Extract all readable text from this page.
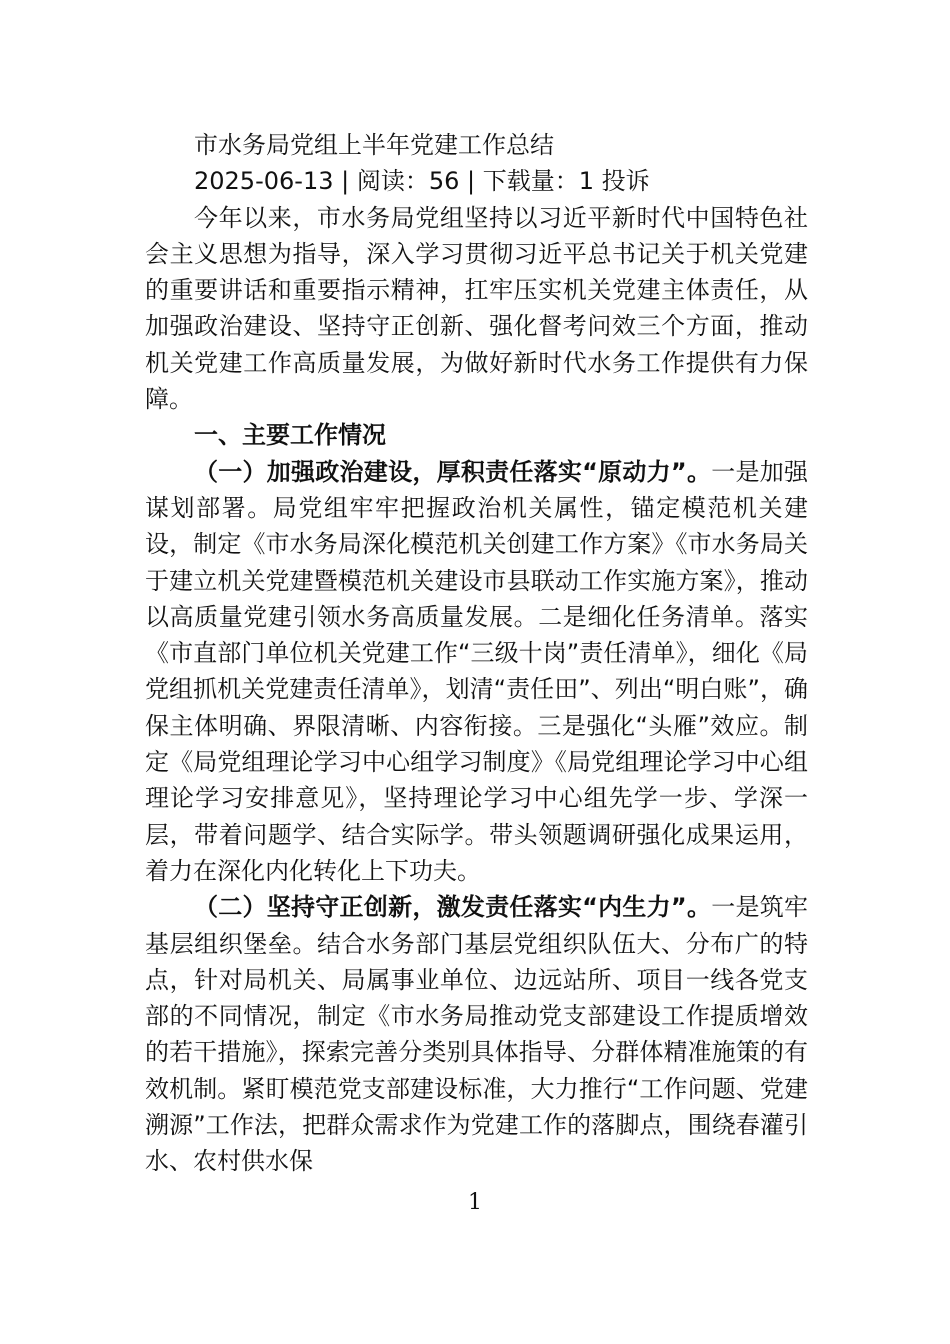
市水务局党组上半年党建工作总结
2025-06-13 | 阅读：56 | 下载量：1 投诉

今年以来，市水务局党组坚持以习近平新时代中国特色社会主义思想为指导，深入学习贯彻习近平总书记关于机关党建的重要讲话和重要指示精神，扛牢压实机关党建主体责任，从加强政治建设、坚持守正创新、强化督考问效三个方面，推动机关党建工作高质量发展，为做好新时代水务工作提供有力保障。

一、主要工作情况

（一）加强政治建设，厚积责任落实“原动力”。一是加强谋划部署。局党组牢牢把握政治机关属性，锚定模范机关建设，制定《市水务局深化模范机关创建工作方案》《市水务局关于建立机关党建暨模范机关建设市县联动工作实施方案》，推动以高质量党建引领水务高质量发展。二是细化任务清单。落实《市直部门单位机关党建工作“三级十岗”责任清单》，细化《局党组抓机关党建责任清单》，划清“责任田”、列出“明白账”，确保主体明确、界限清晰、内容衔接。三是强化“头雁”效应。制定《局党组理论学习中心组学习制度》《局党组理论学习中心组理论学习安排意见》，坚持理论学习中心组先学一步、学深一层，带着问题学、结合实际学。带头领题调研强化成果运用，着力在深化内化转化上下功夫。

（二）坚持守正创新，激发责任落实“内生力”。一是筑牢基层组织堡垒。结合水务部门基层党组织队伍大、分布广的特点，针对局机关、局属事业单位、边远站所、项目一线各党支部的不同情况，制定《市水务局推动党支部建设工作提质增效的若干措施》，探索完善分类别具体指导、分群体精准施策的有效机制。紧盯模范党支部建设标准，大力推行“工作问题、党建溯源”工作法，把群众需求作为党建工作的落脚点，围绕春灌引水、农村供水保

1
